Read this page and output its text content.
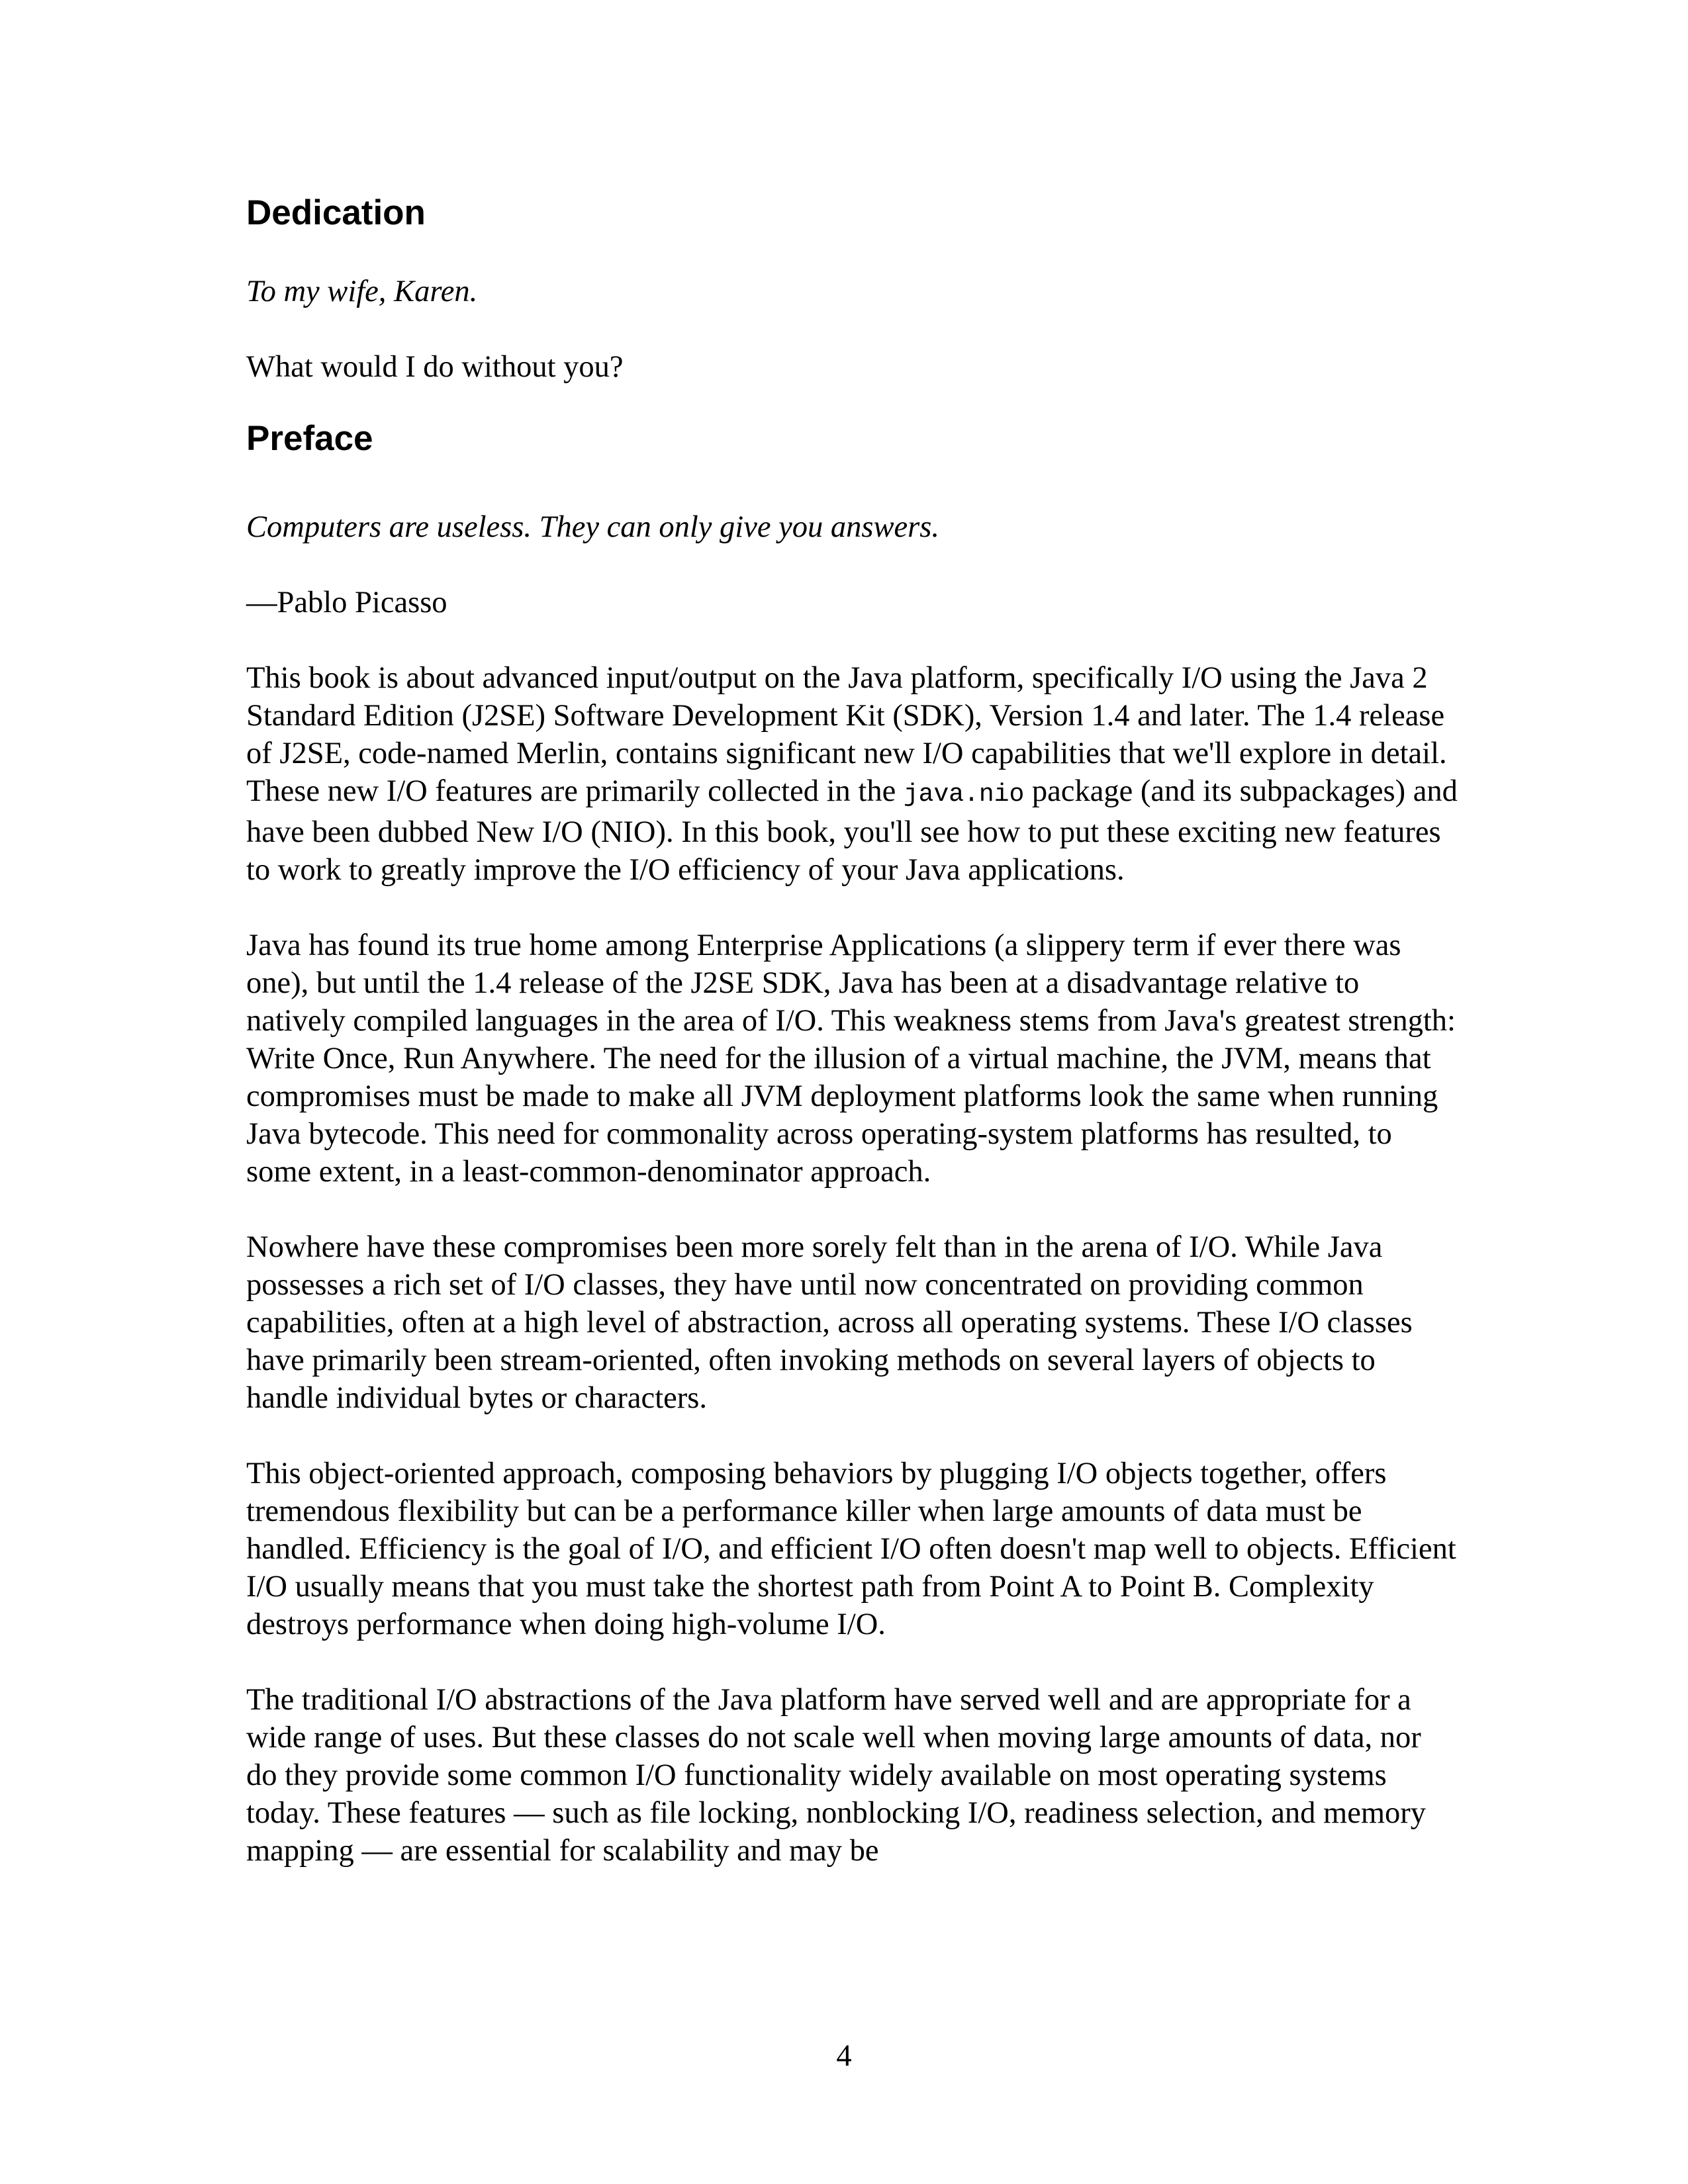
Dedication

To my wife, Karen.

What would I do without you?

Preface

Computers are useless. They can only give you answers.

—Pablo Picasso

This book is about advanced input/output on the Java platform, specifically I/O using the Java 2 Standard Edition (J2SE) Software Development Kit (SDK), Version 1.4 and later. The 1.4 release of J2SE, code-named Merlin, contains significant new I/O capabilities that we'll explore in detail. These new I/O features are primarily collected in the java.nio package (and its subpackages) and have been dubbed New I/O (NIO). In this book, you'll see how to put these exciting new features to work to greatly improve the I/O efficiency of your Java applications.

Java has found its true home among Enterprise Applications (a slippery term if ever there was one), but until the 1.4 release of the J2SE SDK, Java has been at a disadvantage relative to natively compiled languages in the area of I/O. This weakness stems from Java's greatest strength: Write Once, Run Anywhere. The need for the illusion of a virtual machine, the JVM, means that compromises must be made to make all JVM deployment platforms look the same when running Java bytecode. This need for commonality across operating-system platforms has resulted, to some extent, in a least-common-denominator approach.

Nowhere have these compromises been more sorely felt than in the arena of I/O. While Java possesses a rich set of I/O classes, they have until now concentrated on providing common capabilities, often at a high level of abstraction, across all operating systems. These I/O classes have primarily been stream-oriented, often invoking methods on several layers of objects to handle individual bytes or characters.

This object-oriented approach, composing behaviors by plugging I/O objects together, offers tremendous flexibility but can be a performance killer when large amounts of data must be handled. Efficiency is the goal of I/O, and efficient I/O often doesn't map well to objects. Efficient I/O usually means that you must take the shortest path from Point A to Point B. Complexity destroys performance when doing high-volume I/O.

The traditional I/O abstractions of the Java platform have served well and are appropriate for a wide range of uses. But these classes do not scale well when moving large amounts of data, nor do they provide some common I/O functionality widely available on most operating systems today. These features — such as file locking, nonblocking I/O, readiness selection, and memory mapping — are essential for scalability and may be

4
